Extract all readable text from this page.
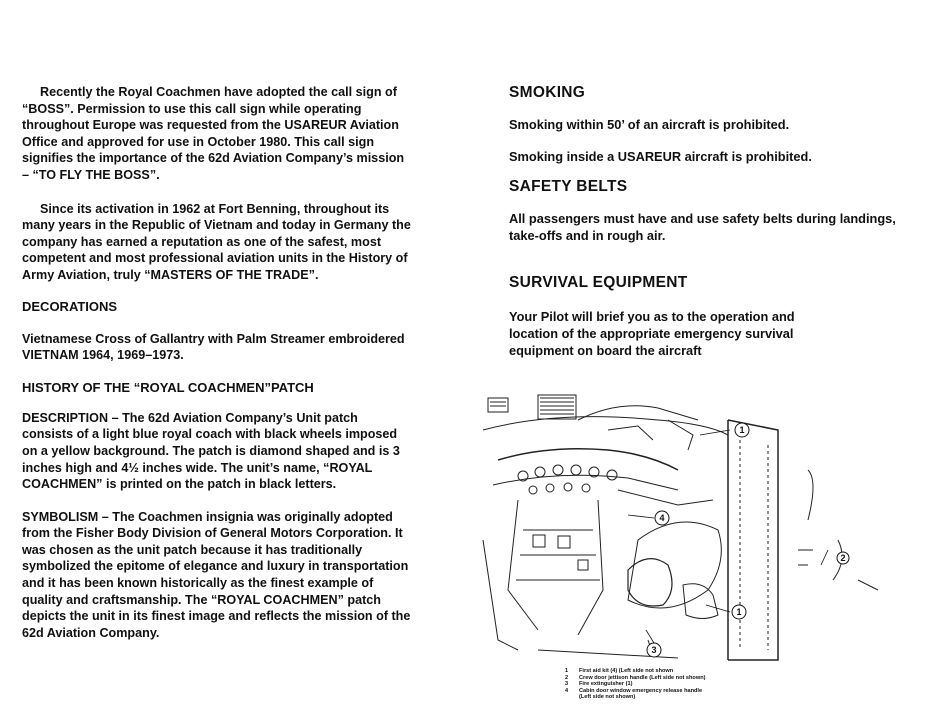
Recently the Royal Coachmen have adopted the call sign of “BOSS”. Permission to use this call sign while operating throughout Europe was requested from the USAREUR Aviation Office and approved for use in October 1980. This call sign signifies the importance of the 62d Aviation Company’s mission – “TO FLY THE BOSS”.

Since its activation in 1962 at Fort Benning, throughout its many years in the Republic of Vietnam and today in Germany the company has earned a reputation as one of the safest, most competent and most professional aviation units in the History of Army Aviation, truly “MASTERS OF THE TRADE”.

DECORATIONS

Vietnamese Cross of Gallantry with Palm Streamer embroidered VIETNAM 1964, 1969–1973.

HISTORY OF THE “ROYAL COACHMEN”PATCH

DESCRIPTION – The 62d Aviation Company’s Unit patch consists of a light blue royal coach with black wheels imposed on a yellow background. The patch is diamond shaped and is 3 inches high and 4½ inches wide. The unit’s name, “ROYAL COACHMEN” is printed on the patch in black letters.

SYMBOLISM – The Coachmen insignia was originally adopted from the Fisher Body Division of General Motors Corporation. It was chosen as the unit patch because it has traditionally symbolized the epitome of elegance and luxury in transportation and it has been known historically as the finest example of quality and craftsmanship. The “ROYAL COACHMEN” patch depicts the unit in its finest image and reflects the mission of the 62d Aviation Company.

SMOKING

Smoking within 50’ of an aircraft is prohibited.

Smoking inside a USAREUR aircraft is prohibited.

SAFETY BELTS

All passengers must have and use safety belts during landings, take-offs and in rough air.

SURVIVAL EQUIPMENT

Your Pilot will brief you as to the operation and location of the appropriate emergency survival equipment on board the aircraft

1
4
2
1
3
1 First aid kit (4) (Left side not shown
2 Crew door jettison handle (Left side not shown)
3 Fire extinguisher (1)
4 Cabin door window emergency release handle
(Left side not shown)
